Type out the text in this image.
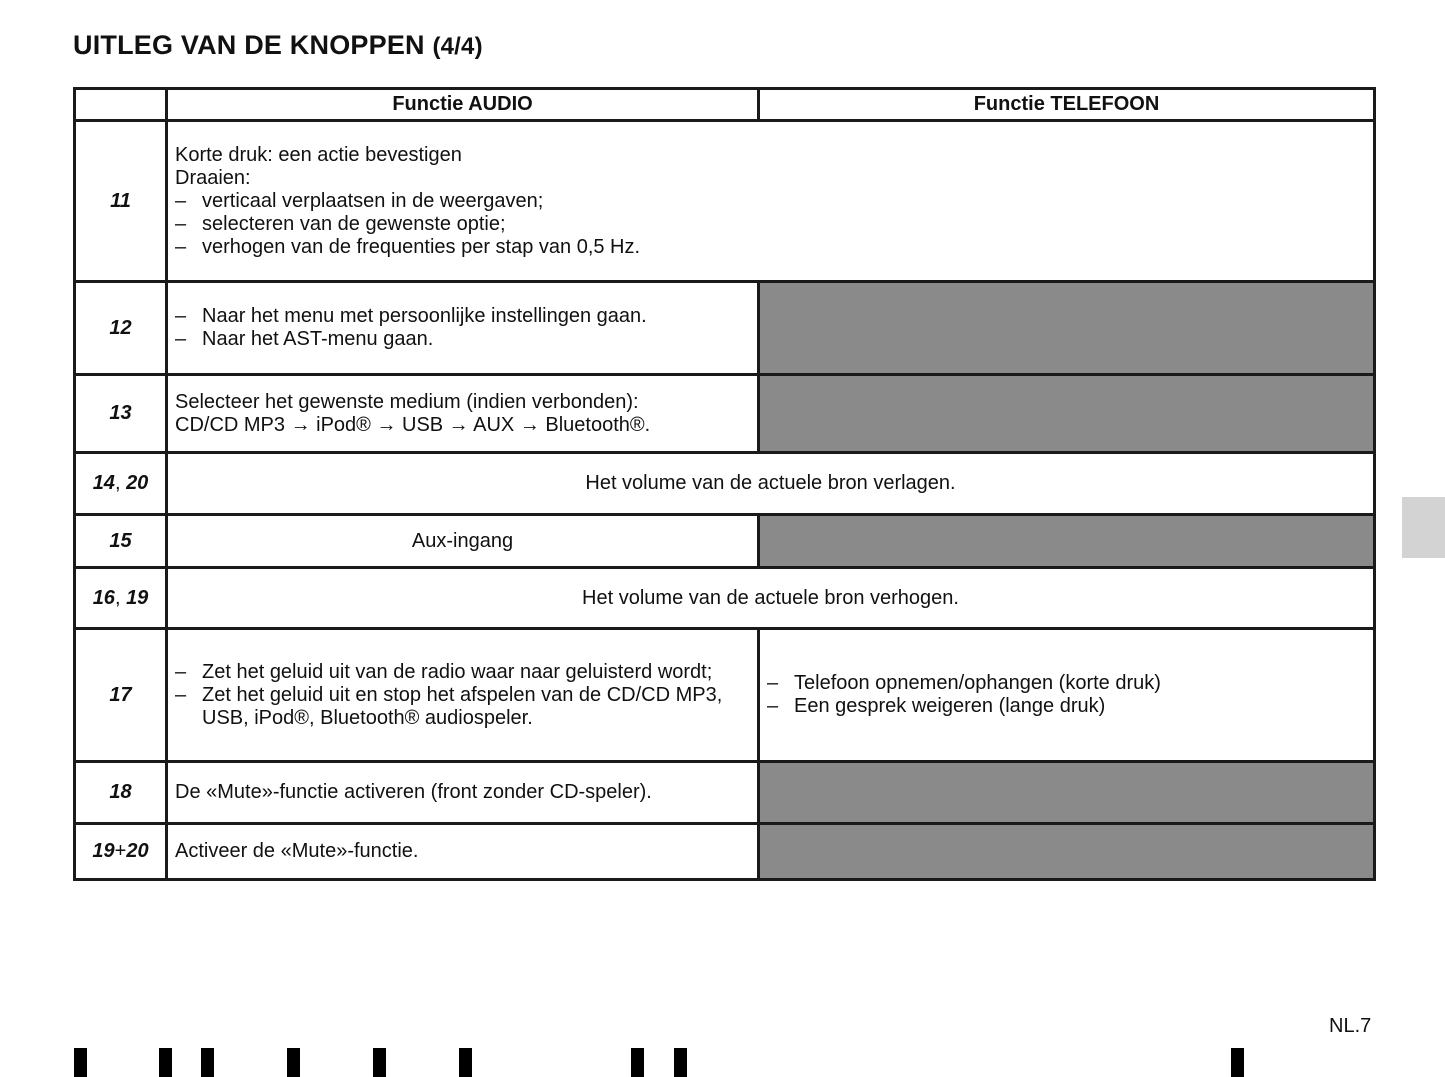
UITLEG VAN DE KNOPPEN (4/4)
	Functie AUDIO	Functie TELEFOON
11	Korte druk: een actie bevestigen
Draaien:
– verticaal verplaatsen in de weergaven;
– selecteren van de gewenste optie;
– verhogen van de frequenties per stap van 0,5 Hz.	

12	– Naar het menu met persoonlijke instellingen gaan.
– Naar het AST-menu gaan.	

13	Selecteer het gewenste medium (indien verbonden):
CD/CD MP3 → iPod® → USB → AUX → Bluetooth®.	

14, 20	Het volume van de actuele bron verlagen.	
15	Aux-ingang	
16, 19	Het volume van de actuele bron verhogen.	
17	– Zet het geluid uit van de radio waar naar geluisterd wordt;
– Zet het geluid uit en stop het afspelen van de CD/CD MP3, USB, iPod®, Bluetooth® audiospeler.	– Telefoon opnemen/ophangen (korte druk)
– Een gesprek weigeren (lange druk)

18	De «Mute»-functie activeren (front zonder CD-speler).	
19+20	Activeer de «Mute»-functie.	
NL.7
